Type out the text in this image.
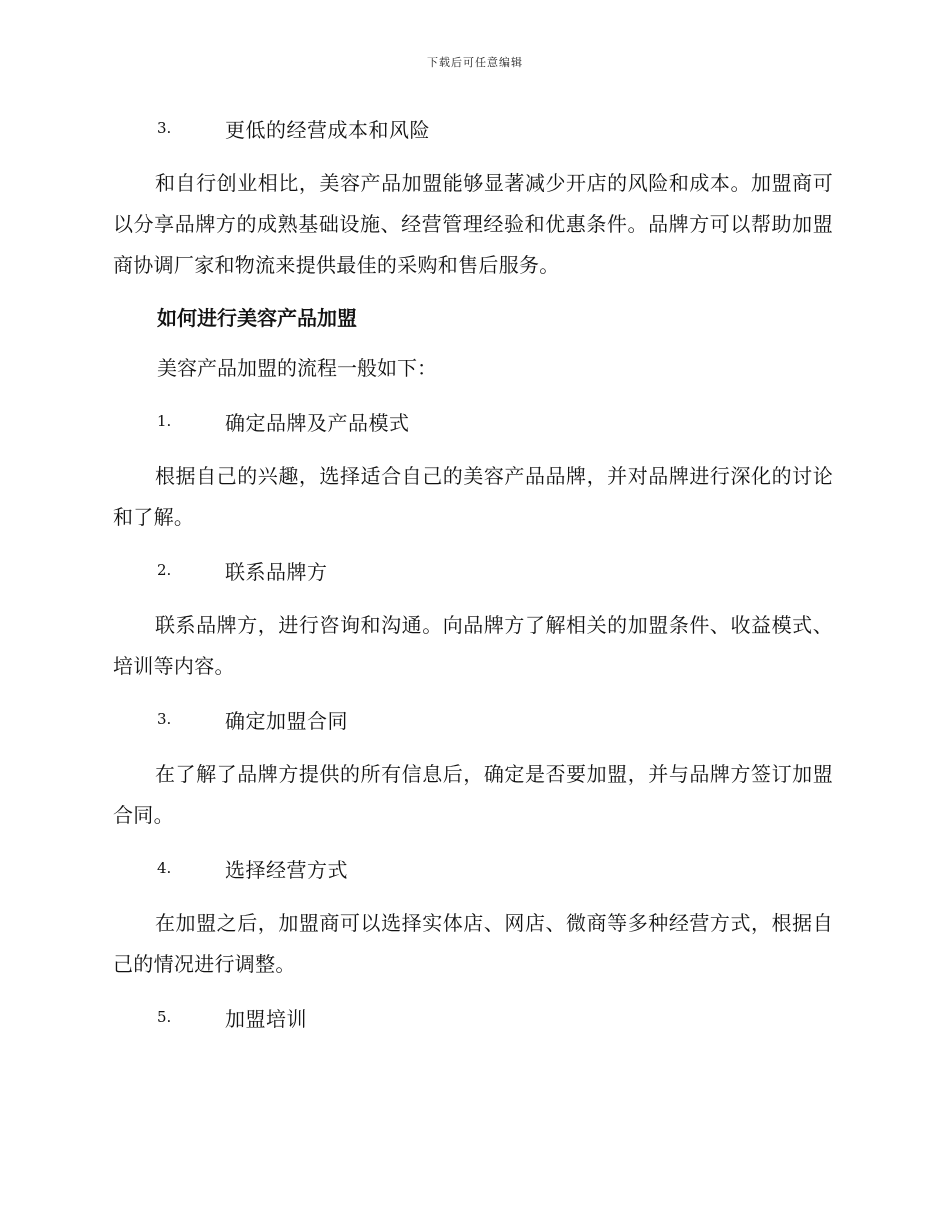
下载后可任意编辑
3.	更低的经营成本和风险

和自行创业相比，美容产品加盟能够显著减少开店的风险和成本。加盟商可以分享品牌方的成熟基础设施、经营管理经验和优惠条件。品牌方可以帮助加盟商协调厂家和物流来提供最佳的采购和售后服务。

如何进行美容产品加盟
美容产品加盟的流程一般如下：
1.	确定品牌及产品模式

根据自己的兴趣，选择适合自己的美容产品品牌，并对品牌进行深化的讨论和了解。

2.	联系品牌方

联系品牌方，进行咨询和沟通。向品牌方了解相关的加盟条件、收益模式、培训等内容。

3.	确定加盟合同

在了解了品牌方提供的所有信息后，确定是否要加盟，并与品牌方签订加盟合同。

4.	选择经营方式

在加盟之后，加盟商可以选择实体店、网店、微商等多种经营方式，根据自己的情况进行调整。

5.	加盟培训
